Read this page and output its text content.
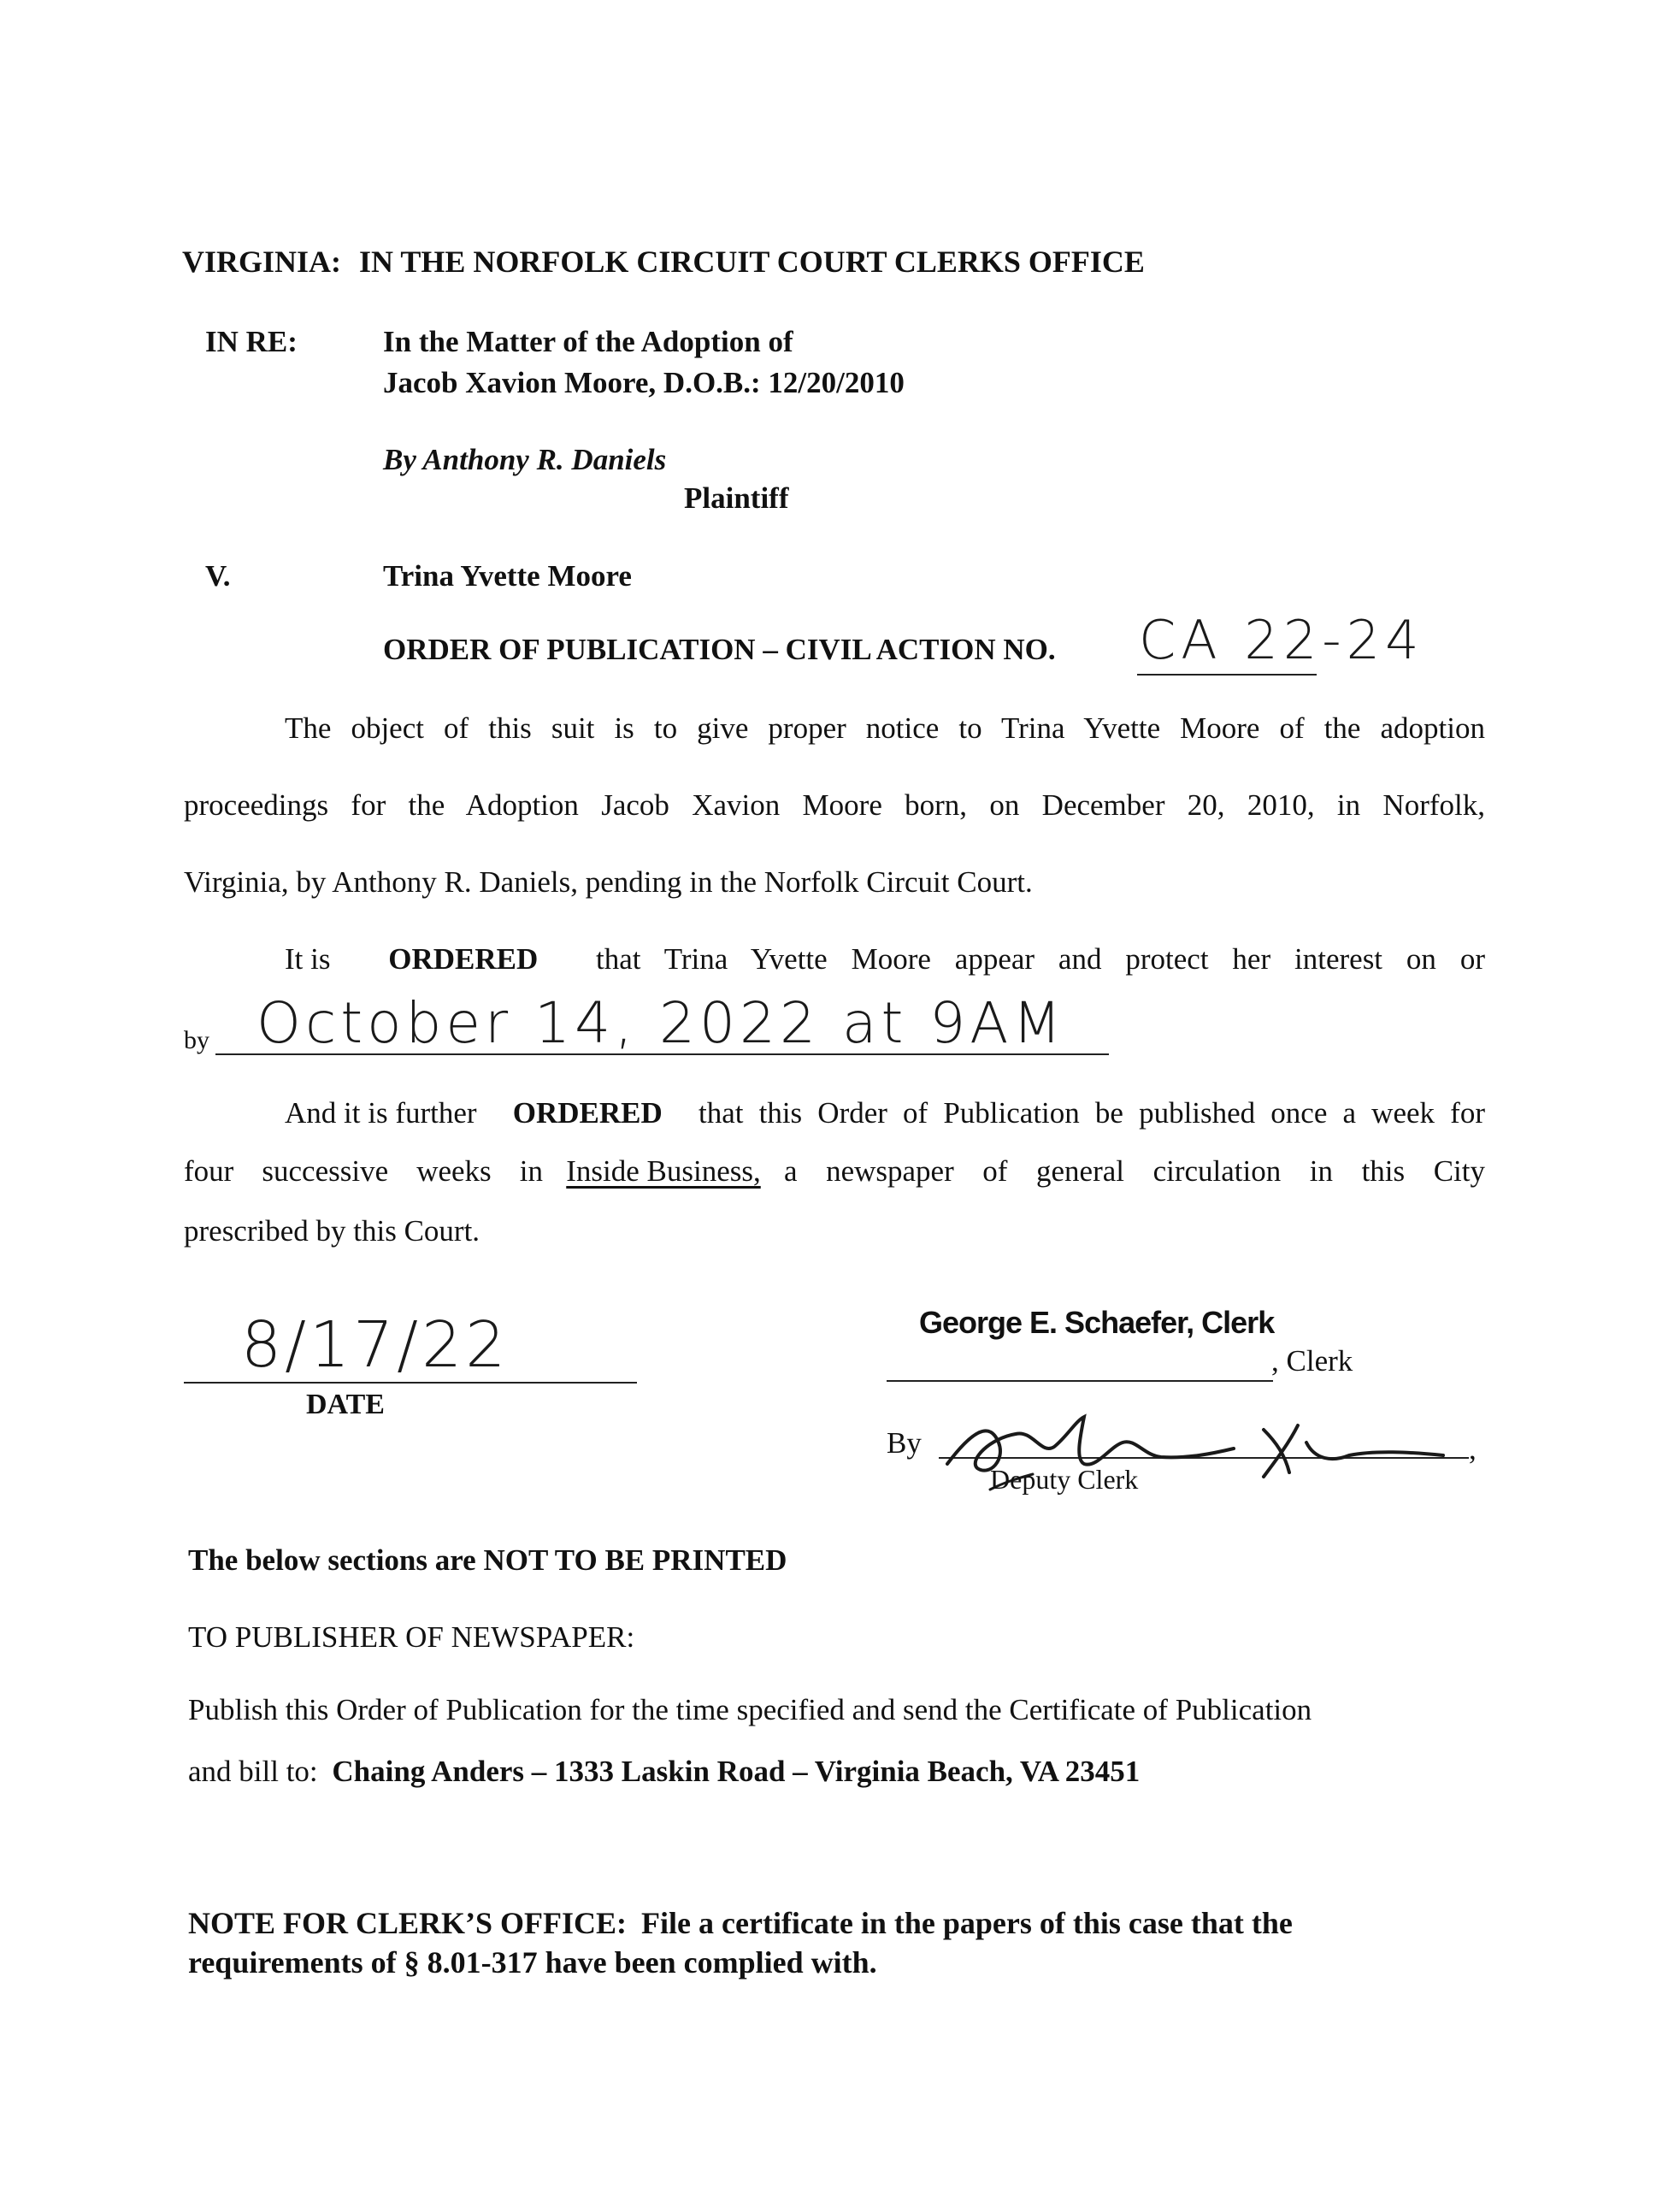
VIRGINIA: IN THE NORFOLK CIRCUIT COURT CLERKS OFFICE
IN RE:	In the Matter of the Adoption of
Jacob Xavion Moore, D.O.B.: 12/20/2010
By Anthony R. Daniels
Plaintiff
V.	Trina Yvette Moore
ORDER OF PUBLICATION – CIVIL ACTION NO. CA 22-24
The object of this suit is to give proper notice to Trina Yvette Moore of the adoption
proceedings for the Adoption Jacob Xavion Moore born, on December 20, 2010, in Norfolk,
Virginia, by Anthony R. Daniels, pending in the Norfolk Circuit Court.
It is ORDERED that Trina Yvette Moore appear and protect her interest on or
by October 14, 2022 at 9AM
And it is further ORDERED that this Order of Publication be published once a week for
four successive weeks in Inside Business, a newspaper of general circulation in this City
prescribed by this Court.
8/17/22
DATE
George E. Schaefer, Clerk
, Clerk
By	,
Deputy Clerk
The below sections are NOT TO BE PRINTED
TO PUBLISHER OF NEWSPAPER:
Publish this Order of Publication for the time specified and send the Certificate of Publication
and bill to: Chaing Anders – 1333 Laskin Road – Virginia Beach, VA 23451
NOTE FOR CLERK’S OFFICE: File a certificate in the papers of this case that the
requirements of § 8.01-317 have been complied with.
